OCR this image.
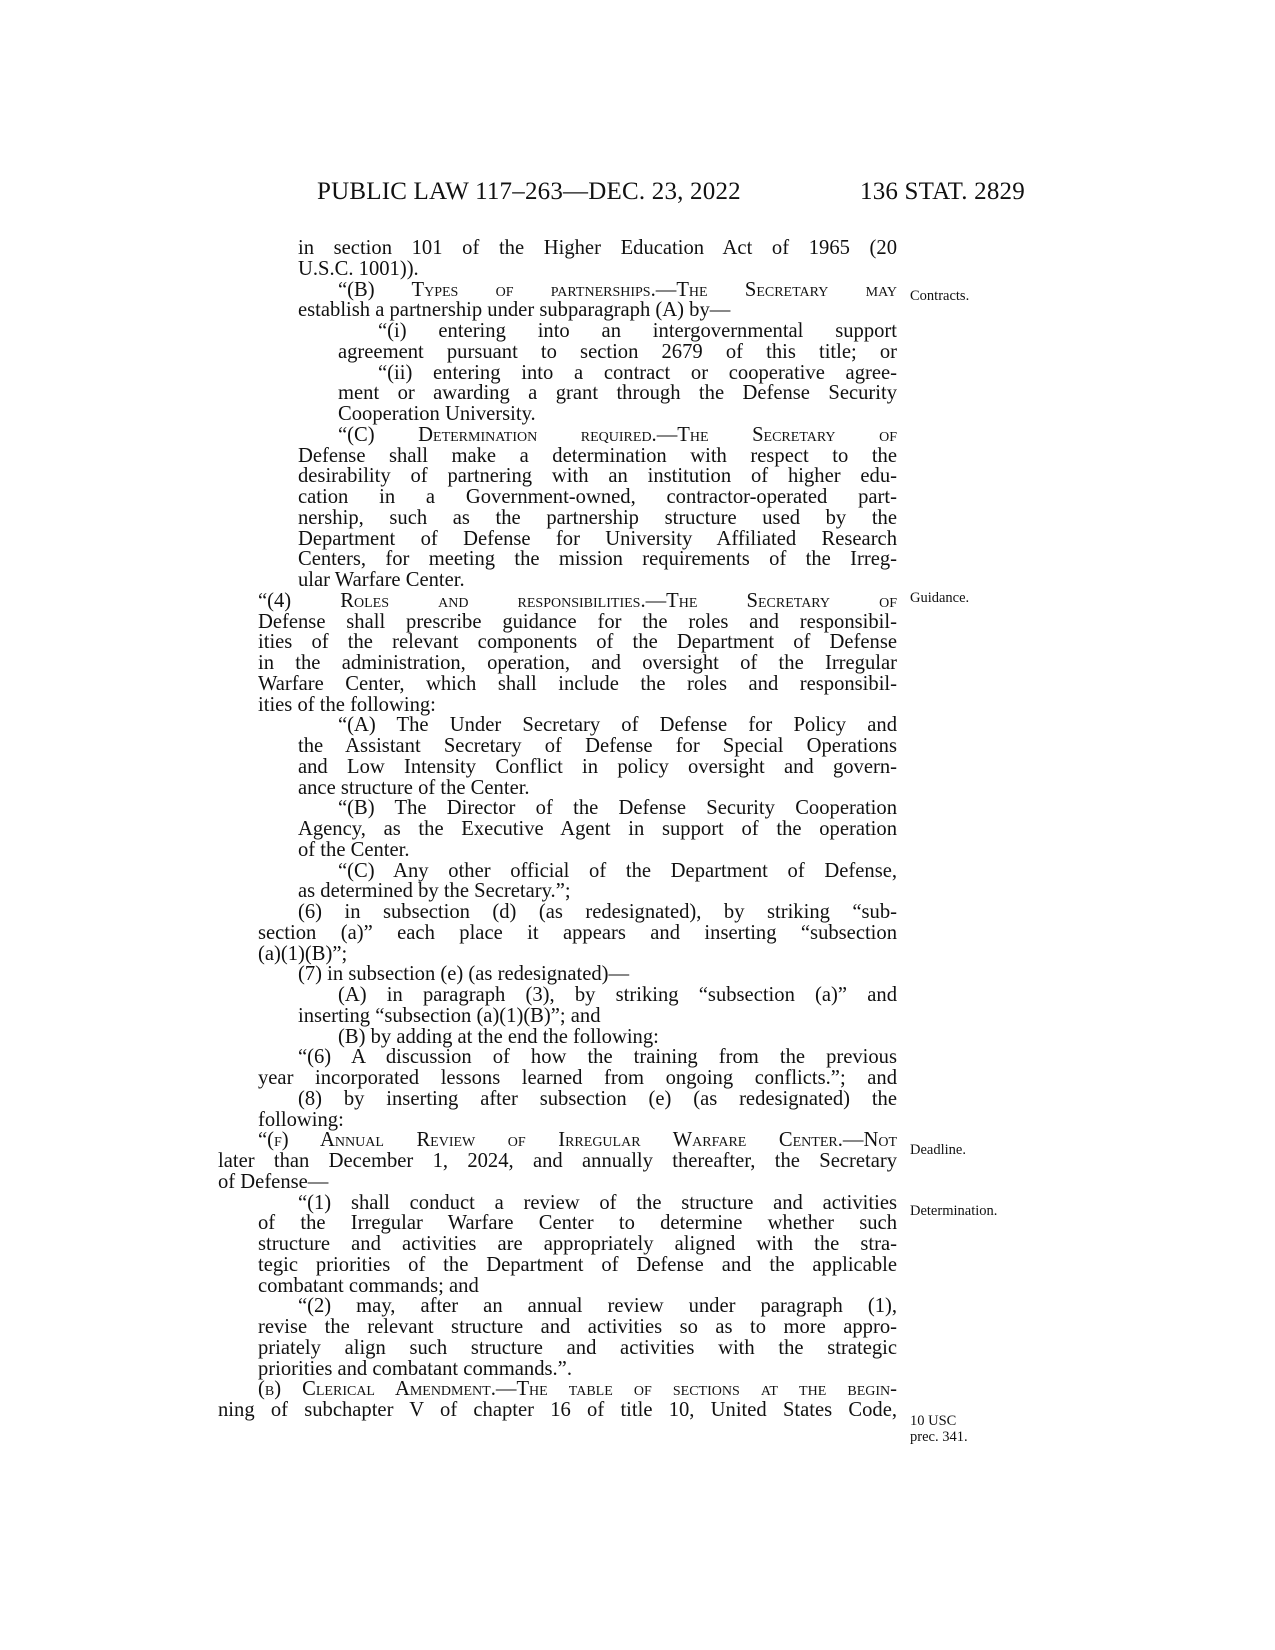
PUBLIC LAW 117–263—DEC. 23, 2022	136 STAT. 2829
in section 101 of the Higher Education Act of 1965 (20
U.S.C. 1001)).
“(B) Types of partnerships.—The Secretary may
establish a partnership under subparagraph (A) by—
“(i) entering into an intergovernmental support
agreement pursuant to section 2679 of this title; or
“(ii) entering into a contract or cooperative agree-
ment or awarding a grant through the Defense Security
Cooperation University.
“(C) Determination required.—The Secretary of
Defense shall make a determination with respect to the
desirability of partnering with an institution of higher edu-
cation in a Government-owned, contractor-operated part-
nership, such as the partnership structure used by the
Department of Defense for University Affiliated Research
Centers, for meeting the mission requirements of the Irreg-
ular Warfare Center.
“(4) Roles and responsibilities.—The Secretary of
Defense shall prescribe guidance for the roles and responsibil-
ities of the relevant components of the Department of Defense
in the administration, operation, and oversight of the Irregular
Warfare Center, which shall include the roles and responsibil-
ities of the following:
“(A) The Under Secretary of Defense for Policy and
the Assistant Secretary of Defense for Special Operations
and Low Intensity Conflict in policy oversight and govern-
ance structure of the Center.
“(B) The Director of the Defense Security Cooperation
Agency, as the Executive Agent in support of the operation
of the Center.
“(C) Any other official of the Department of Defense,
as determined by the Secretary.”;
(6) in subsection (d) (as redesignated), by striking “sub-
section (a)” each place it appears and inserting “subsection
(a)(1)(B)”;
(7) in subsection (e) (as redesignated)—
(A) in paragraph (3), by striking “subsection (a)” and
inserting “subsection (a)(1)(B)”; and
(B) by adding at the end the following:
“(6) A discussion of how the training from the previous
year incorporated lessons learned from ongoing conflicts.”; and
(8) by inserting after subsection (e) (as redesignated) the
following:
“(f) Annual Review of Irregular Warfare Center.—Not
later than December 1, 2024, and annually thereafter, the Secretary
of Defense—
“(1) shall conduct a review of the structure and activities
of the Irregular Warfare Center to determine whether such
structure and activities are appropriately aligned with the stra-
tegic priorities of the Department of Defense and the applicable
combatant commands; and
“(2) may, after an annual review under paragraph (1),
revise the relevant structure and activities so as to more appro-
priately align such structure and activities with the strategic
priorities and combatant commands.”.
(b) Clerical Amendment.—The table of sections at the begin-
ning of subchapter V of chapter 16 of title 10, United States Code,
Contracts.
Guidance.
Deadline.
Determination.
10 USC
prec. 341.
